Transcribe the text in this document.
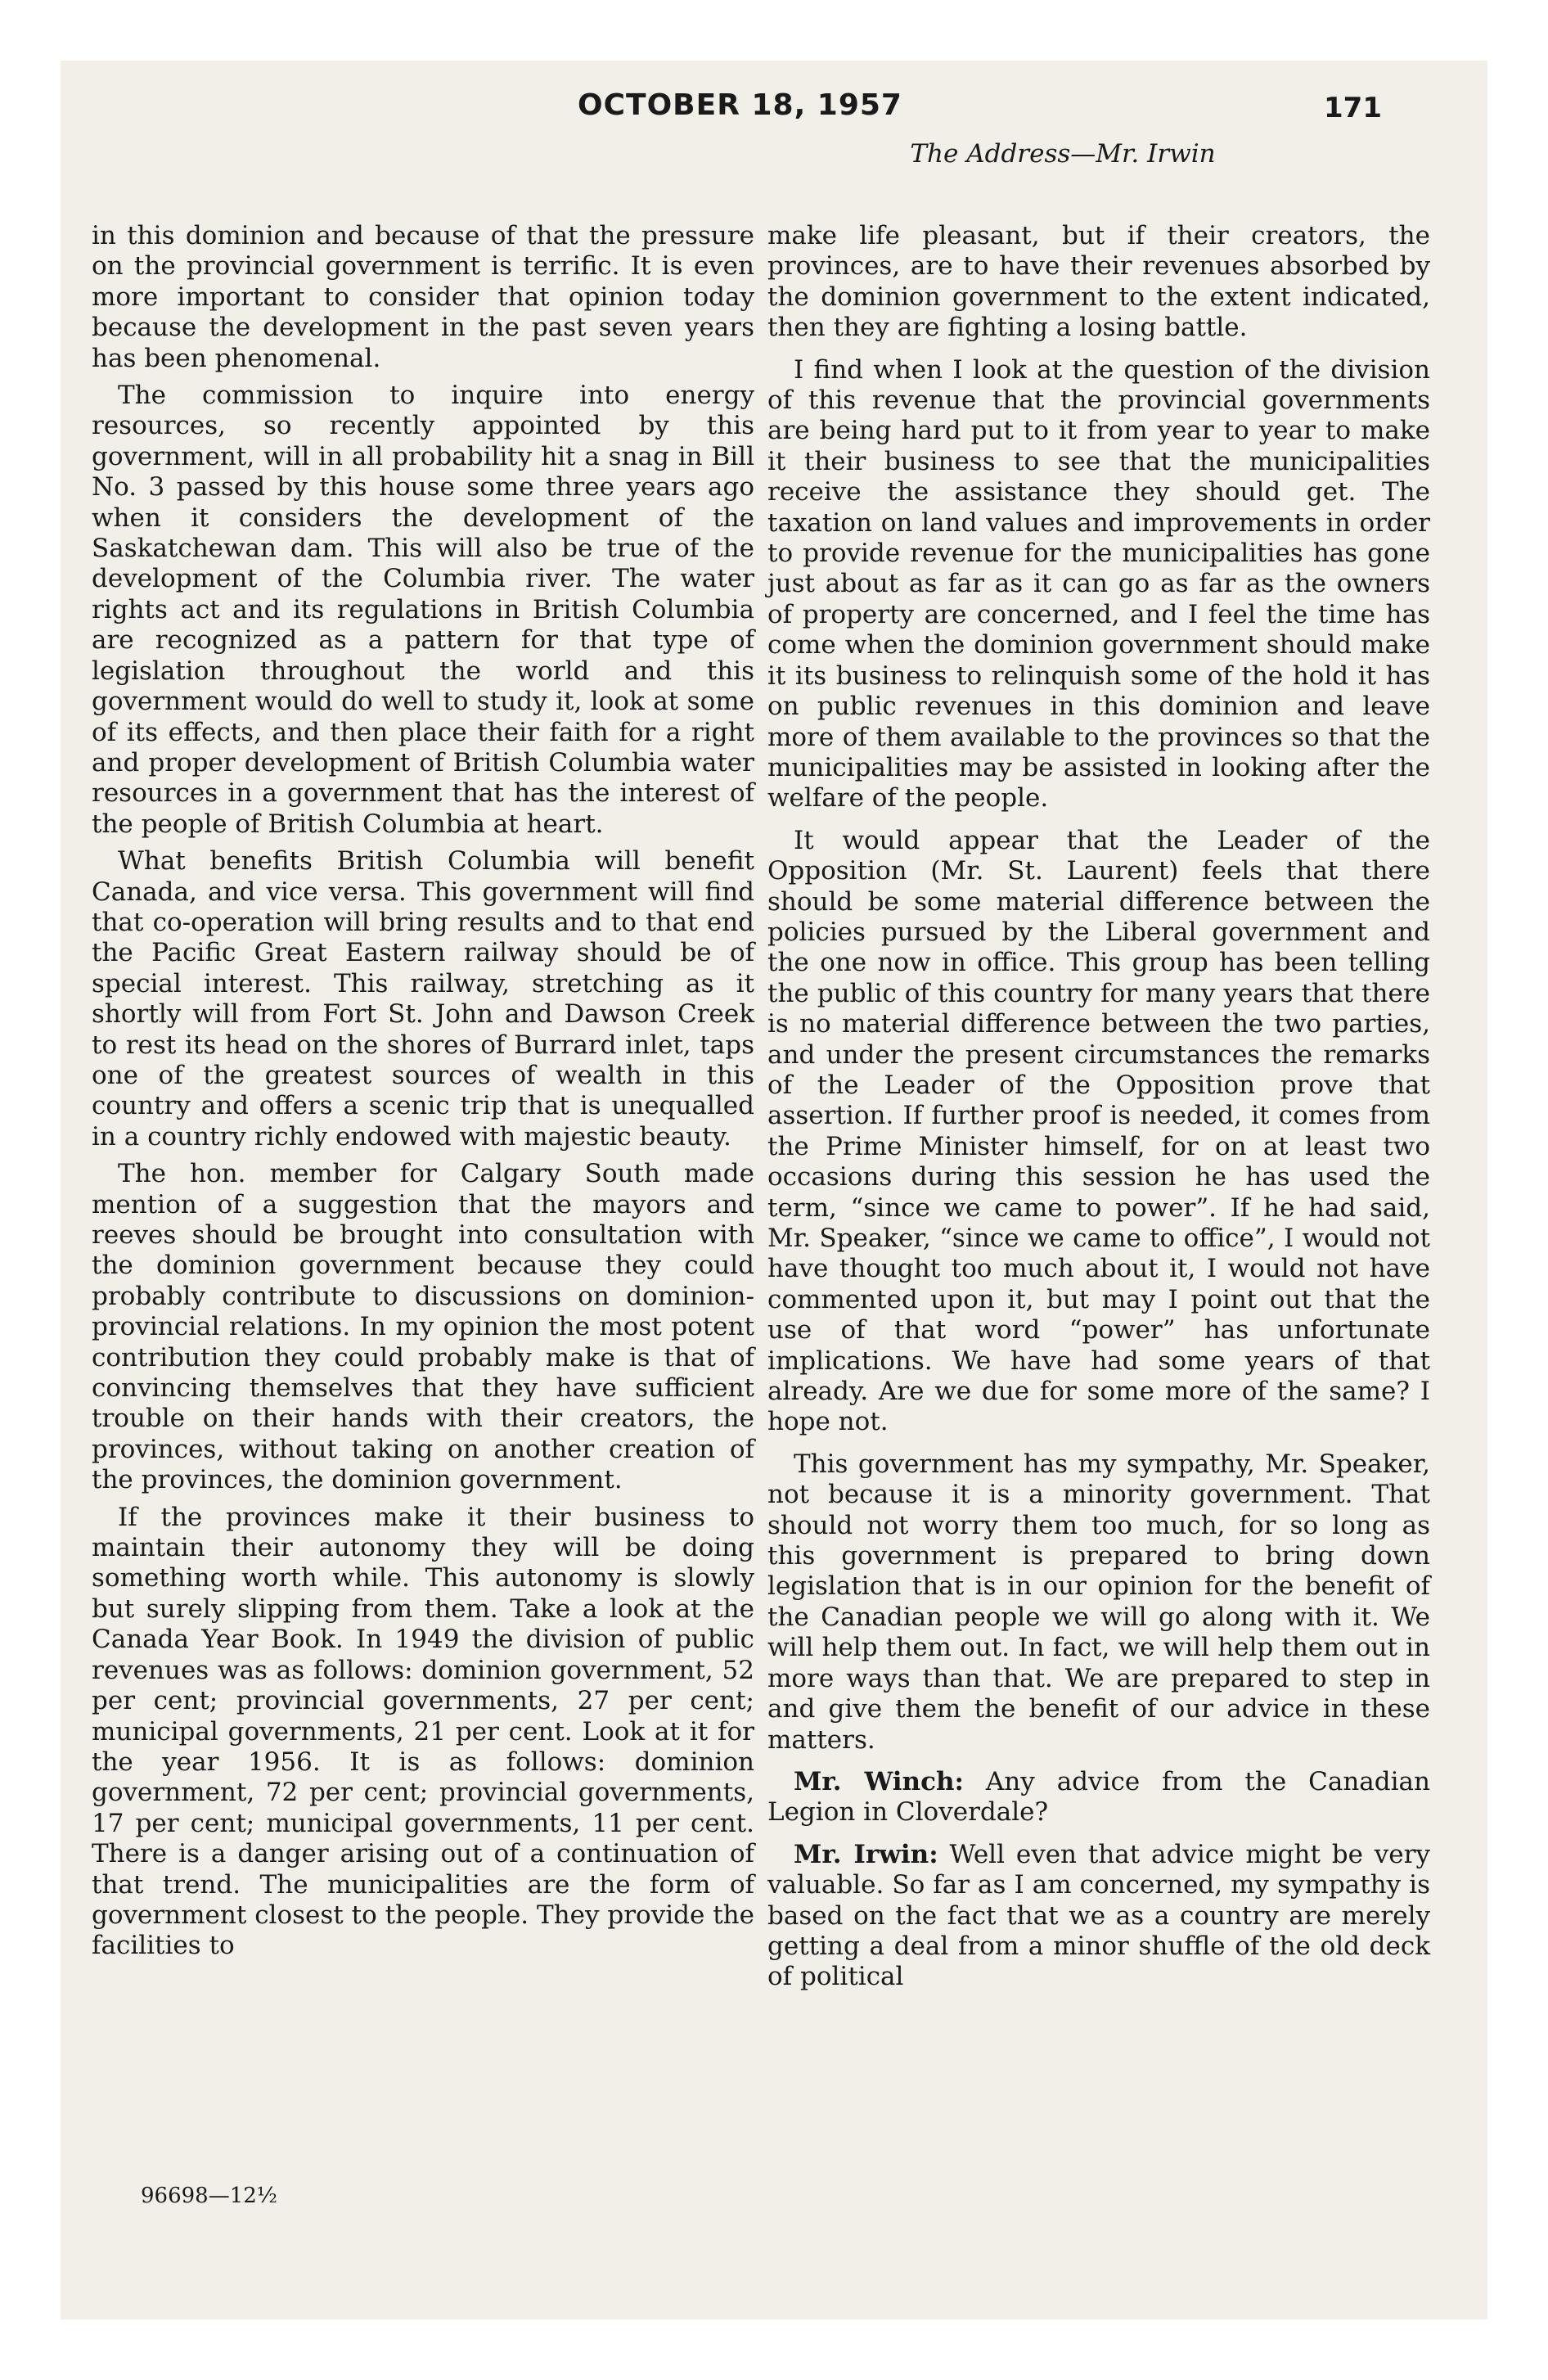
OCTOBER 18, 1957	171

The Address—Mr. Irwin

in this dominion and because of that the pressure on the provincial government is terrific. It is even more important to consider that opinion today because the development in the past seven years has been phenomenal.

The commission to inquire into energy resources, so recently appointed by this government, will in all probability hit a snag in Bill No. 3 passed by this house some three years ago when it considers the development of the Saskatchewan dam. This will also be true of the development of the Columbia river. The water rights act and its regulations in British Columbia are recognized as a pattern for that type of legislation throughout the world and this government would do well to study it, look at some of its effects, and then place their faith for a right and proper development of British Columbia water resources in a government that has the interest of the people of British Columbia at heart.

What benefits British Columbia will benefit Canada, and vice versa. This government will find that co-operation will bring results and to that end the Pacific Great Eastern railway should be of special interest. This railway, stretching as it shortly will from Fort St. John and Dawson Creek to rest its head on the shores of Burrard inlet, taps one of the greatest sources of wealth in this country and offers a scenic trip that is unequalled in a country richly endowed with majestic beauty.

The hon. member for Calgary South made mention of a suggestion that the mayors and reeves should be brought into consultation with the dominion government because they could probably contribute to discussions on dominion-provincial relations. In my opinion the most potent contribution they could probably make is that of convincing themselves that they have sufficient trouble on their hands with their creators, the provinces, without taking on another creation of the provinces, the dominion government.

If the provinces make it their business to maintain their autonomy they will be doing something worth while. This autonomy is slowly but surely slipping from them. Take a look at the Canada Year Book. In 1949 the division of public revenues was as follows: dominion government, 52 per cent; provincial governments, 27 per cent; municipal governments, 21 per cent. Look at it for the year 1956. It is as follows: dominion government, 72 per cent; provincial governments, 17 per cent; municipal governments, 11 per cent. There is a danger arising out of a continuation of that trend. The municipalities are the form of government closest to the people. They provide the facilities to

make life pleasant, but if their creators, the provinces, are to have their revenues absorbed by the dominion government to the extent indicated, then they are fighting a losing battle.

I find when I look at the question of the division of this revenue that the provincial governments are being hard put to it from year to year to make it their business to see that the municipalities receive the assistance they should get. The taxation on land values and improvements in order to provide revenue for the municipalities has gone just about as far as it can go as far as the owners of property are concerned, and I feel the time has come when the dominion government should make it its business to relinquish some of the hold it has on public revenues in this dominion and leave more of them available to the provinces so that the municipalities may be assisted in looking after the welfare of the people.

It would appear that the Leader of the Opposition (Mr. St. Laurent) feels that there should be some material difference between the policies pursued by the Liberal government and the one now in office. This group has been telling the public of this country for many years that there is no material difference between the two parties, and under the present circumstances the remarks of the Leader of the Opposition prove that assertion. If further proof is needed, it comes from the Prime Minister himself, for on at least two occasions during this session he has used the term, “since we came to power”. If he had said, Mr. Speaker, “since we came to office”, I would not have thought too much about it, I would not have commented upon it, but may I point out that the use of that word “power” has unfortunate implications. We have had some years of that already. Are we due for some more of the same? I hope not.

This government has my sympathy, Mr. Speaker, not because it is a minority government. That should not worry them too much, for so long as this government is prepared to bring down legislation that is in our opinion for the benefit of the Canadian people we will go along with it. We will help them out. In fact, we will help them out in more ways than that. We are prepared to step in and give them the benefit of our advice in these matters.

Mr. Winch: Any advice from the Canadian Legion in Cloverdale?

Mr. Irwin: Well even that advice might be very valuable. So far as I am concerned, my sympathy is based on the fact that we as a country are merely getting a deal from a minor shuffle of the old deck of political

96698—12½
